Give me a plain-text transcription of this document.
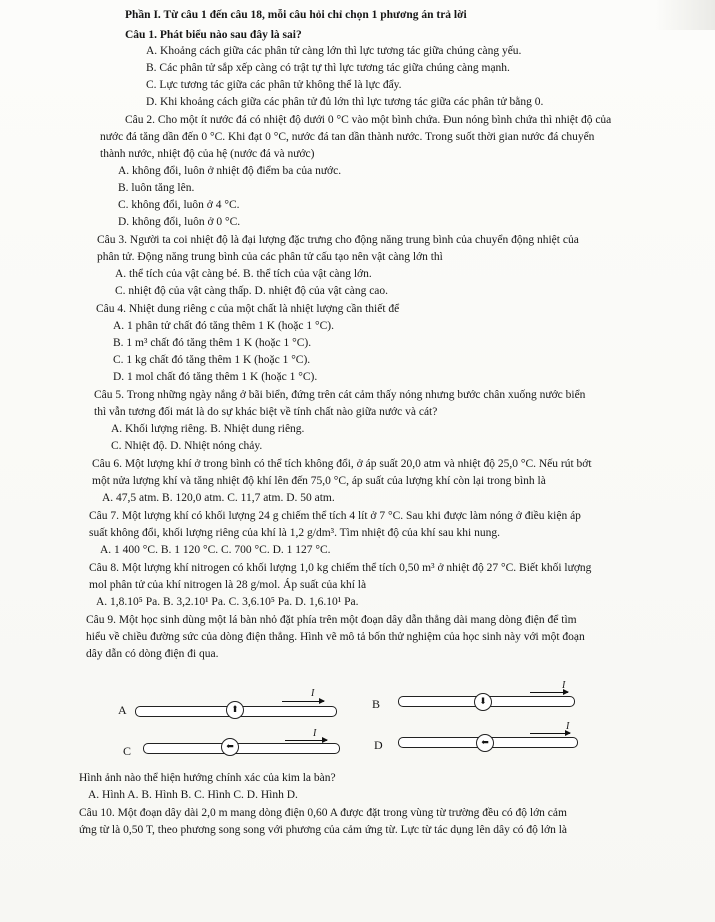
Phần I. Từ câu 1 đến câu 18, mỗi câu hỏi chỉ chọn 1 phương án trả lời
Câu 1. Phát biểu nào sau đây là sai?
A. Khoảng cách giữa các phân tử càng lớn thì lực tương tác giữa chúng càng yếu.
B. Các phân tử sắp xếp càng có trật tự thì lực tương tác giữa chúng càng mạnh.
C. Lực tương tác giữa các phân tử không thể là lực đẩy.
D. Khi khoảng cách giữa các phân tử đủ lớn thì lực tương tác giữa các phân tử bằng 0.
Câu 2. Cho một ít nước đá có nhiệt độ dưới 0 °C vào một bình chứa. Đun nóng bình chứa thì nhiệt độ của
nước đá tăng dần đến 0 °C. Khi đạt 0 °C, nước đá tan dần thành nước. Trong suốt thời gian nước đá chuyển
thành nước, nhiệt độ của hệ (nước đá và nước)
A. không đổi, luôn ở nhiệt độ điểm ba của nước.
B. luôn tăng lên.
C. không đổi, luôn ở 4 °C.
D. không đổi, luôn ở 0 °C.
Câu 3. Người ta coi nhiệt độ là đại lượng đặc trưng cho động năng trung bình của chuyển động nhiệt của
phân tử. Động năng trung bình của các phân tử cấu tạo nên vật càng lớn thì
A. thể tích của vật càng bé. B. thể tích của vật càng lớn.
C. nhiệt độ của vật càng thấp. D. nhiệt độ của vật càng cao.
Câu 4. Nhiệt dung riêng c của một chất là nhiệt lượng cần thiết để
A. 1 phân tử chất đó tăng thêm 1 K (hoặc 1 °C).
B. 1 m³ chất đó tăng thêm 1 K (hoặc 1 °C).
C. 1 kg chất đó tăng thêm 1 K (hoặc 1 °C).
D. 1 mol chất đó tăng thêm 1 K (hoặc 1 °C).
Câu 5. Trong những ngày nắng ở bãi biển, đứng trên cát cảm thấy nóng nhưng bước chân xuống nước biển
thì vẫn tương đối mát là do sự khác biệt về tính chất nào giữa nước và cát?
A. Khối lượng riêng. B. Nhiệt dung riêng.
C. Nhiệt độ. D. Nhiệt nóng chảy.
Câu 6. Một lượng khí ở trong bình có thể tích không đổi, ở áp suất 20,0 atm và nhiệt độ 25,0 °C. Nếu rút bớt
một nửa lượng khí và tăng nhiệt độ khí lên đến 75,0 °C, áp suất của lượng khí còn lại trong bình là
A. 47,5 atm. B. 120,0 atm. C. 11,7 atm. D. 50 atm.
Câu 7. Một lượng khí có khối lượng 24 g chiếm thể tích 4 lít ở 7 °C. Sau khi được làm nóng ở điều kiện áp
suất không đổi, khối lượng riêng của khí là 1,2 g/dm³. Tìm nhiệt độ của khí sau khi nung.
A. 1 400 °C. B. 1 120 °C. C. 700 °C. D. 1 127 °C.
Câu 8. Một lượng khí nitrogen có khối lượng 1,0 kg chiếm thể tích 0,50 m³ ở nhiệt độ 27 °C. Biết khối lượng
mol phân tử của khí nitrogen là 28 g/mol. Áp suất của khí là
A. 1,8.10⁵ Pa. B. 3,2.10¹ Pa. C. 3,6.10⁵ Pa. D. 1,6.10¹ Pa.
Câu 9. Một học sinh dùng một lá bàn nhỏ đặt phía trên một đoạn dây dẫn thẳng dài mang dòng điện để tìm
hiểu về chiều đường sức của dòng điện thẳng. Hình vẽ mô tả bốn thử nghiệm của học sinh này với một đoạn
dây dẫn có dòng điện đi qua.
A	⬆
I
B	⬇
I
C	⬅
I
D	⬅
I
Hình ảnh nào thể hiện hướng chính xác của kim la bàn?
A. Hình A. B. Hình B. C. Hình C. D. Hình D.
Câu 10. Một đoạn dây dài 2,0 m mang dòng điện 0,60 A được đặt trong vùng từ trường đều có độ lớn cảm
ứng từ là 0,50 T, theo phương song song với phương của cảm ứng từ. Lực từ tác dụng lên dây có độ lớn là
